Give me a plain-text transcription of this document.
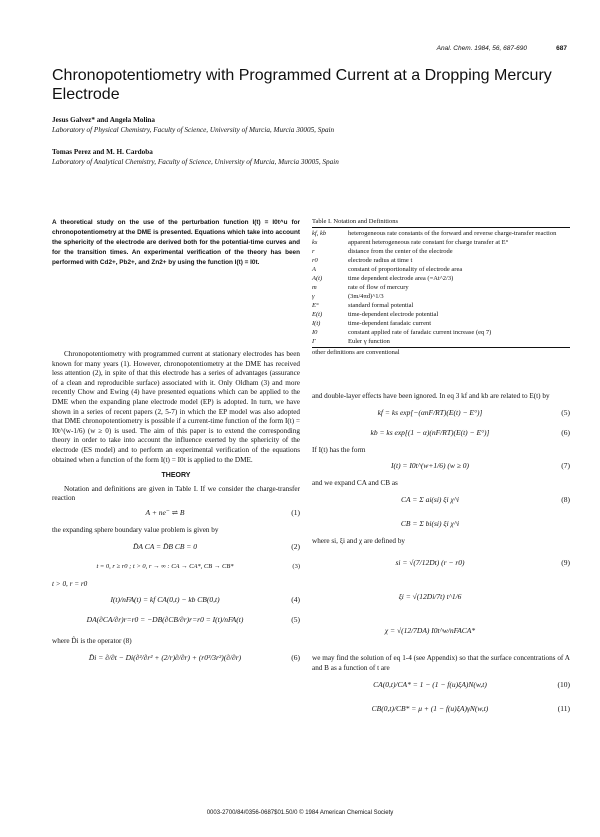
Anal. Chem. 1984, 56, 687-690	687
Chronopotentiometry with Programmed Current at a Dropping Mercury Electrode
Jesus Galvez* and Angela Molina
Laboratory of Physical Chemistry, Faculty of Science, University of Murcia, Murcia 30005, Spain
Tomas Perez and M. H. Cardoba
Laboratory of Analytical Chemistry, Faculty of Science, University of Murcia, Murcia 30005, Spain
A theoretical study on the use of the perturbation function I(t) = I0t^u for chronopotentiometry at the DME is presented. Equations which take into account the sphericity of the electrode are derived both for the potential-time curves and for the transition times. An experimental verification of the theory has been performed with Cd2+, Pb2+, and Zn2+ by using the function I(t) = I0t.

Chronopotentiometry with programmed current at stationary electrodes has been known for many years (1). However, chronopotentiometry at the DME has received less attention (2), in spite of that this electrode has a series of advantages (assurance of a clean and reproducible surface) associated with it. Only Oldham (3) and more recently Chow and Ewing (4) have presented equations which can be applied to the DME when the expanding plane electrode model (EP) is adopted. In turn, we have shown in a series of recent papers (2, 5-7) in which the EP model was also adopted that DME chronopotentiometry is possible if a current-time function of the form I(t) = I0t^(w-1/6) (w ≥ 0) is used. The aim of this paper is to extend the corresponding theory in order to take into account the influence exerted by the sphericity of the electrode (ES model) and to perform an experimental verification of the equations obtained when a function of the form I(t) = I0t is applied to the DME.

THEORY

Notation and definitions are given in Table I. If we consider the charge-transfer reaction

A + ne⁻ ⇌ B	(1)
the expanding sphere boundary value problem is given by
D̂A CA = D̂B CB = 0	(2)
t = 0, r ≥ r0 ; t > 0, r → ∞ : CA → CA*, CB → CB*	(3)
t > 0, r = r0
I(t)/nFA(t) = kf CA(0,t) − kb CB(0,t)	(4)
DA(∂CA/∂r)r=r0 = −DB(∂CB/∂r)r=r0 = I(t)/nFA(t)	(5)
where D̂i is the operator (8)
D̂i = ∂/∂t − Di(∂²/∂r² + (2/r)∂/∂r) + (r0³/3r²)(∂/∂r)	(6)
Table I. Notation and Definitions
kf, kb	heterogeneous rate constants of the forward and reverse charge-transfer reaction
ks	apparent heterogeneous rate constant for charge transfer at E°
r	distance from the center of the electrode
r0	electrode radius at time t
A	constant of proportionality of electrode area
A(t)	time dependent electrode area (=At^2/3)
m	rate of flow of mercury
γ	(3m/4πd)^1/3
E°	standard formal potential
E(t)	time-dependent electrode potential
I(t)	time-dependent faradaic current
I0	constant applied rate of faradaic current increase (eq 7)
Γ	Euler γ function
other definitions are conventional
and double-layer effects have been ignored. In eq 3 kf and kb are related to E(t) by
kf = ks exp[−(αnF/RT)(E(t) − E°)]	(5)
kb = ks exp[(1 − α)(nF/RT)(E(t) − E°)]	(6)
If I(t) has the form
I(t) = I0t^(w+1/6) (w ≥ 0)	(7)
and we expand CA and CB as
CA = Σ ai(si) ξi χ^i	(8)
CB = Σ bi(si) ξi χ^i
where si, ξi and χ are defined by
si = √(7/12Dt) (r − r0)	(9)
ξi = √(12Di/7t) t^1/6
χ = √(12/7DA) I0t^w/nFACA*
we may find the solution of eq 1-4 (see Appendix) so that the surface concentrations of A and B as a function of t are
CA(0,t)/CA* = 1 − (1 − f(u)ξA)N(w,t)	(10)
CB(0,t)/CB* = μ + (1 − f(u)ξA)γN(w,t)	(11)
0003-2700/84/0356-0687$01.50/0 © 1984 American Chemical Society
